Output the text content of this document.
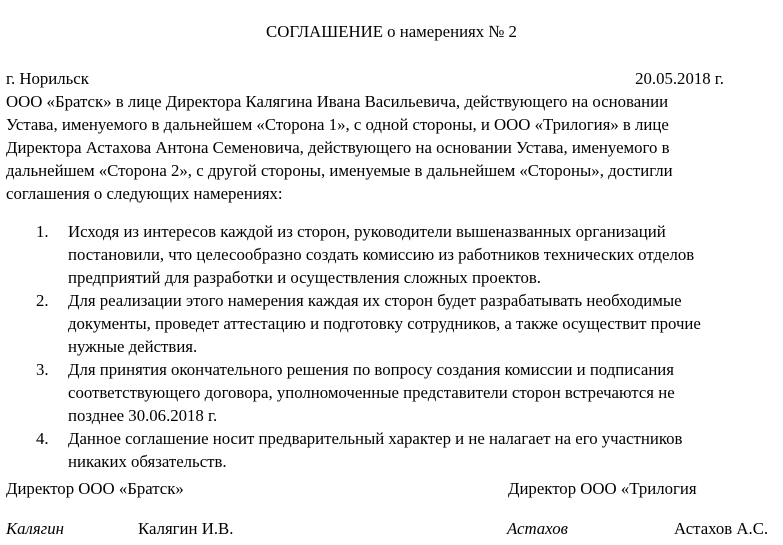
СОГЛАШЕНИЕ о намерениях № 2
г. Норильск	20.05.2018 г.
ООО «Братск» в лице Директора Калягина Ивана Васильевича, действующего на основании
Устава, именуемого в дальнейшем «Сторона 1», с одной стороны, и ООО «Трилогия» в лице
Директора Астахова Антона Семеновича, действующего на основании Устава, именуемого в
дальнейшем «Сторона 2», с другой стороны, именуемые в дальнейшем «Стороны», достигли
соглашения о следующих намерениях:
1. Исходя из интересов каждой из сторон, руководители вышеназванных организаций
постановили, что целесообразно создать комиссию из работников технических отделов
предприятий для разработки и осуществления сложных проектов.
2. Для реализации этого намерения каждая их сторон будет разрабатывать необходимые
документы, проведет аттестацию и подготовку сотрудников, а также осуществит прочие
нужные действия.
3. Для принятия окончательного решения по вопросу создания комиссии и подписания
соответствующего договора, уполномоченные представители сторон встречаются не
позднее 30.06.2018 г.
4. Данное соглашение носит предварительный характер и не налагает на его участников
никаких обязательств.
Директор ООО «Братск»	Директор ООО «Трилогия
Калягин	Калягин И.В.	Астахов	Астахов А.С.
